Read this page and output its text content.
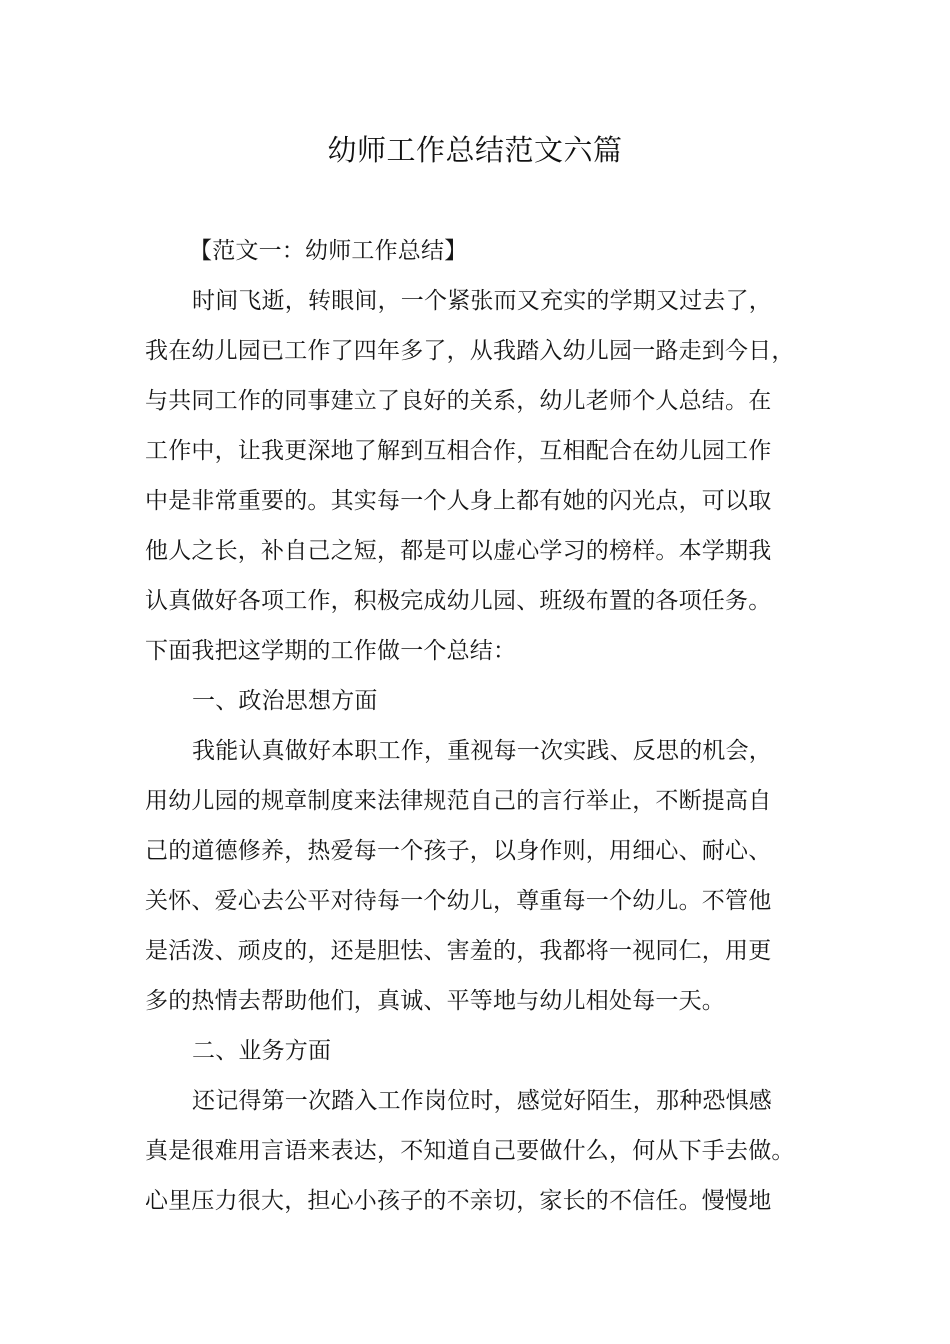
幼师工作总结范文六篇
【范文一：幼师工作总结】
时间飞逝，转眼间，一个紧张而又充实的学期又过去了，
我在幼儿园已工作了四年多了，从我踏入幼儿园一路走到今日，
与共同工作的同事建立了良好的关系，幼儿老师个人总结。在
工作中，让我更深地了解到互相合作，互相配合在幼儿园工作
中是非常重要的。其实每一个人身上都有她的闪光点，可以取
他人之长，补自己之短，都是可以虚心学习的榜样。本学期我
认真做好各项工作，积极完成幼儿园、班级布置的各项任务。
下面我把这学期的工作做一个总结：
一、政治思想方面
我能认真做好本职工作，重视每一次实践、反思的机会，
用幼儿园的规章制度来法律规范自己的言行举止，不断提高自
己的道德修养，热爱每一个孩子，以身作则，用细心、耐心、
关怀、爱心去公平对待每一个幼儿，尊重每一个幼儿。不管他
是活泼、顽皮的，还是胆怯、害羞的，我都将一视同仁，用更
多的热情去帮助他们，真诚、平等地与幼儿相处每一天。
二、业务方面
还记得第一次踏入工作岗位时，感觉好陌生，那种恐惧感
真是很难用言语来表达，不知道自己要做什么，何从下手去做。
心里压力很大，担心小孩子的不亲切，家长的不信任。慢慢地
